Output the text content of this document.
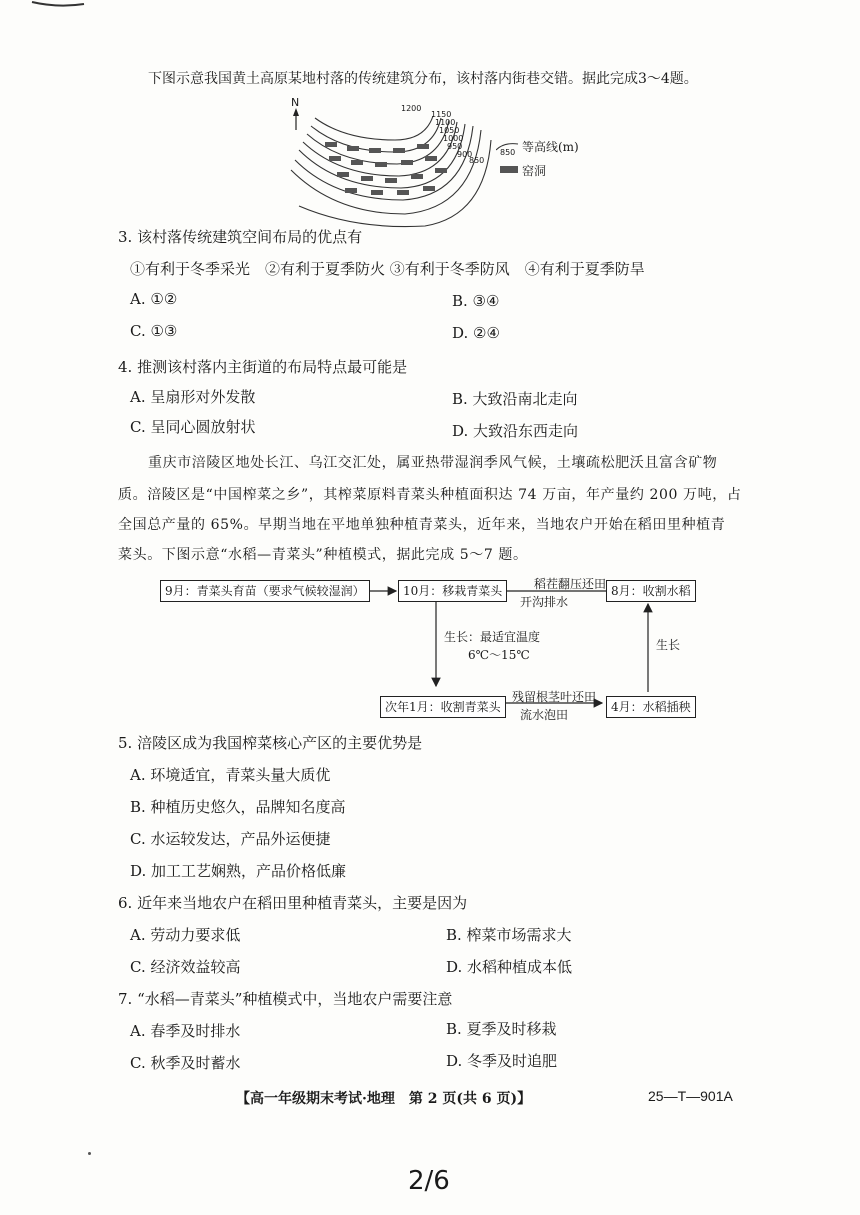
下图示意我国黄土高原某地村落的传统建筑分布，该村落内街巷交错。据此完成3～4题。
N	1200
1150
1100
1050
1000
950
900
850
850 等高线(m)
窑洞
3. 该村落传统建筑空间布局的优点有
①有利于冬季采光　②有利于夏季防火 ③有利于冬季防风　④有利于夏季防旱
A. ①②	B. ③④
C. ①③	D. ②④
4. 推测该村落内主街道的布局特点最可能是
A. 呈扇形对外发散	B. 大致沿南北走向
C. 呈同心圆放射状	D. 大致沿东西走向
重庆市涪陵区地处长江、乌江交汇处，属亚热带湿润季风气候，土壤疏松肥沃且富含矿物
质。涪陵区是“中国榨菜之乡”，其榨菜原料青菜头种植面积达 74 万亩，年产量约 200 万吨，占
全国总产量的 65%。早期当地在平地单独种植青菜头，近年来，当地农户开始在稻田里种植青
菜头。下图示意“水稻—青菜头”种植模式，据此完成 5～7 题。
9月：青菜头育苗（要求气候较湿润）	10月：移栽青菜头	8月：收割水稻
次年1月：收割青菜头	4月：水稻插秧
稻茬翻压还田
开沟排水
生长：最适宜温度
6℃～15℃
生长
残留根茎叶还田
流水泡田
5. 涪陵区成为我国榨菜核心产区的主要优势是
A. 环境适宜，青菜头量大质优
B. 种植历史悠久，品牌知名度高
C. 水运较发达，产品外运便捷
D. 加工工艺娴熟，产品价格低廉
6. 近年来当地农户在稻田里种植青菜头，主要是因为
A. 劳动力要求低	B. 榨菜市场需求大
C. 经济效益较高	D. 水稻种植成本低
7. “水稻—青菜头”种植模式中，当地农户需要注意
A. 春季及时排水	B. 夏季及时移栽
C. 秋季及时蓄水	D. 冬季及时追肥
【高一年级期末考试·地理　第 2 页(共 6 页)】	25—T—901A
2/6
